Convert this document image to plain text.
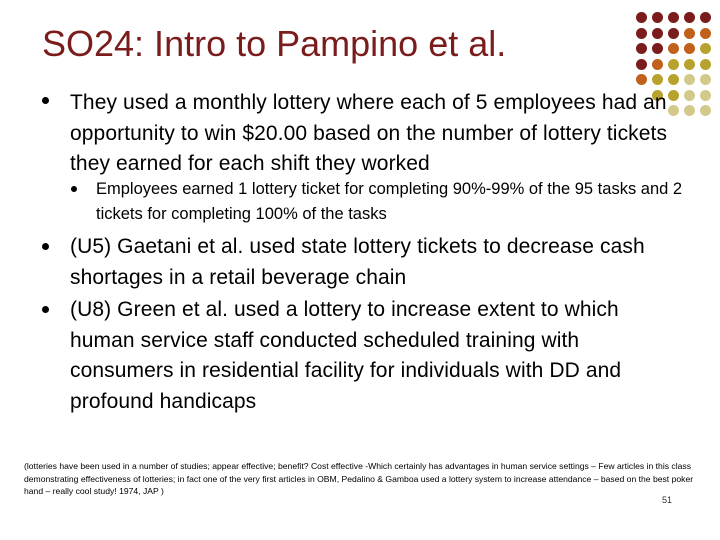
SO24: Intro to Pampino et al.
They used a monthly lottery where each of 5 employees had an opportunity to win $20.00 based on the number of lottery tickets they earned for each shift they worked
Employees earned 1 lottery ticket for completing 90%-99% of the 95 tasks and 2 tickets for completing 100% of the tasks
(U5) Gaetani et al. used state lottery tickets to decrease cash shortages in a retail beverage chain
(U8) Green et al. used a lottery to increase extent to which human service staff conducted scheduled training with consumers in residential facility for individuals with DD and profound handicaps
(lotteries have been used in a number of studies; appear effective; benefit? Cost effective -Which certainly has advantages in human service settings – Few articles in this class demonstrating effectiveness of lotteries; in fact one of the very first articles in OBM, Pedalino & Gamboa used a lottery system to increase attendance – based on the best poker hand – really cool study! 1974, JAP )
51
